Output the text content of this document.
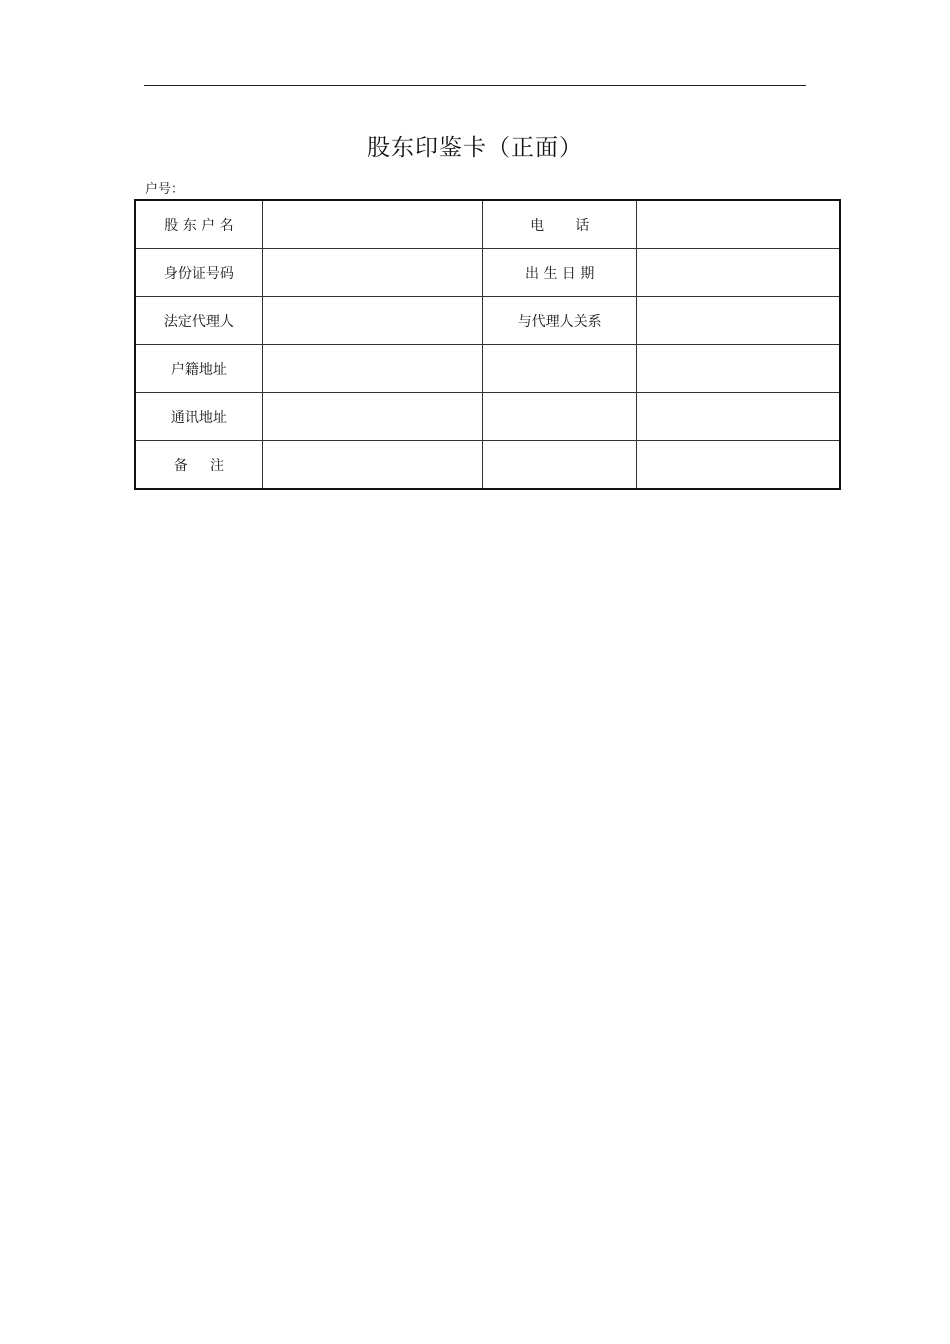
股东印鉴卡（正面）
户号：
股 东 户 名		电       话	
身份证号码		出 生 日 期	
法定代理人		与代理人关系	
户籍地址			
通讯地址			
备     注			
